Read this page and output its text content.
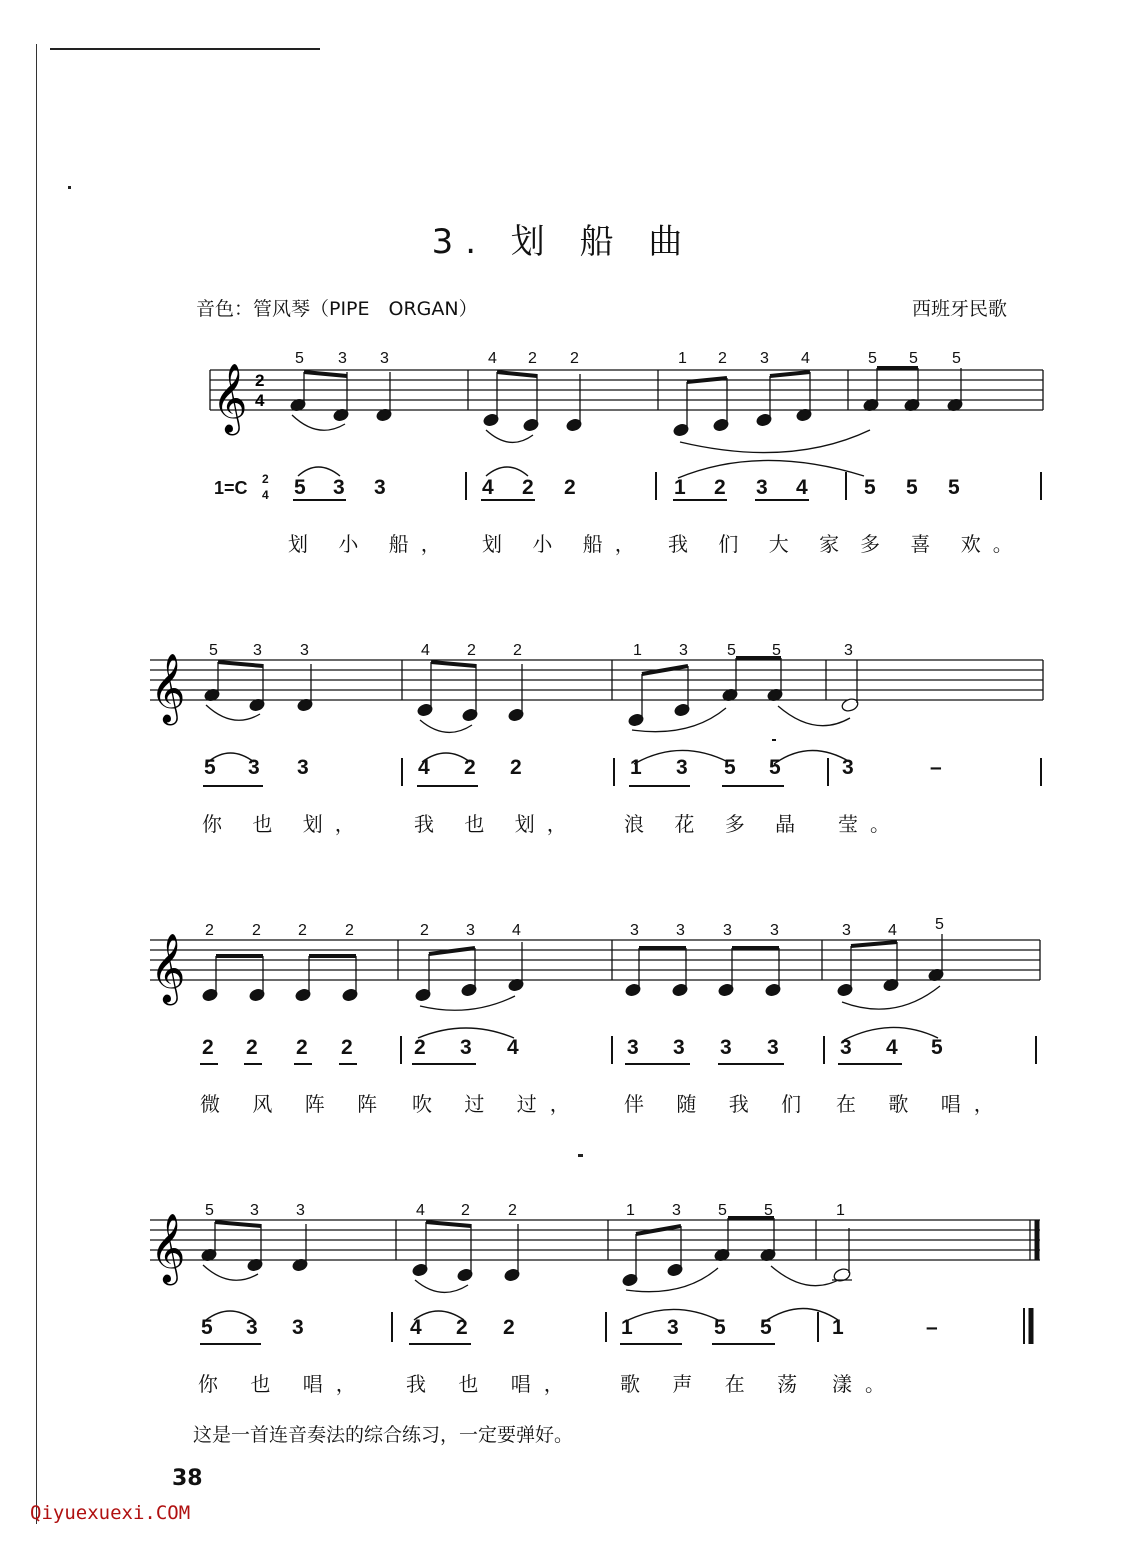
3. 划 船 曲
音色：管风琴（PIPE　ORGAN）	西班牙民歌
𝄞 2
4
5 3 3	4 2 2	1 2 3 4	5 5 5
1=C 2
4 5 3 3	4 2 2	1 2 3 4	5 5 5
划 小 船， 划 小 船， 我 们 大 家 多 喜 欢。
𝄞
5 3 3	4 2 2	1 3 5 5	3
5 3 3	4 2 2	1 3 5 5	3	–
你 也 划， 我 也 划， 浪 花 多 晶 莹。
𝄞
2 2 2 2	2 3 4	3 3 3 3	3 4 5
2 2 2 2	2 3 4	3 3 3 3	3 4 5
微 风 阵 阵 吹 过 过， 伴 随 我 们 在 歌 唱，
𝄞
5 3 3	4 2 2	1 3 5 5	1
5 3 3	4 2 2	1 3 5 5	1	–
你 也 唱， 我 也 唱， 歌 声 在 荡 漾。
这是一首连音奏法的综合练习，一定要弹好。
38
Qiyuexuexi.COM
